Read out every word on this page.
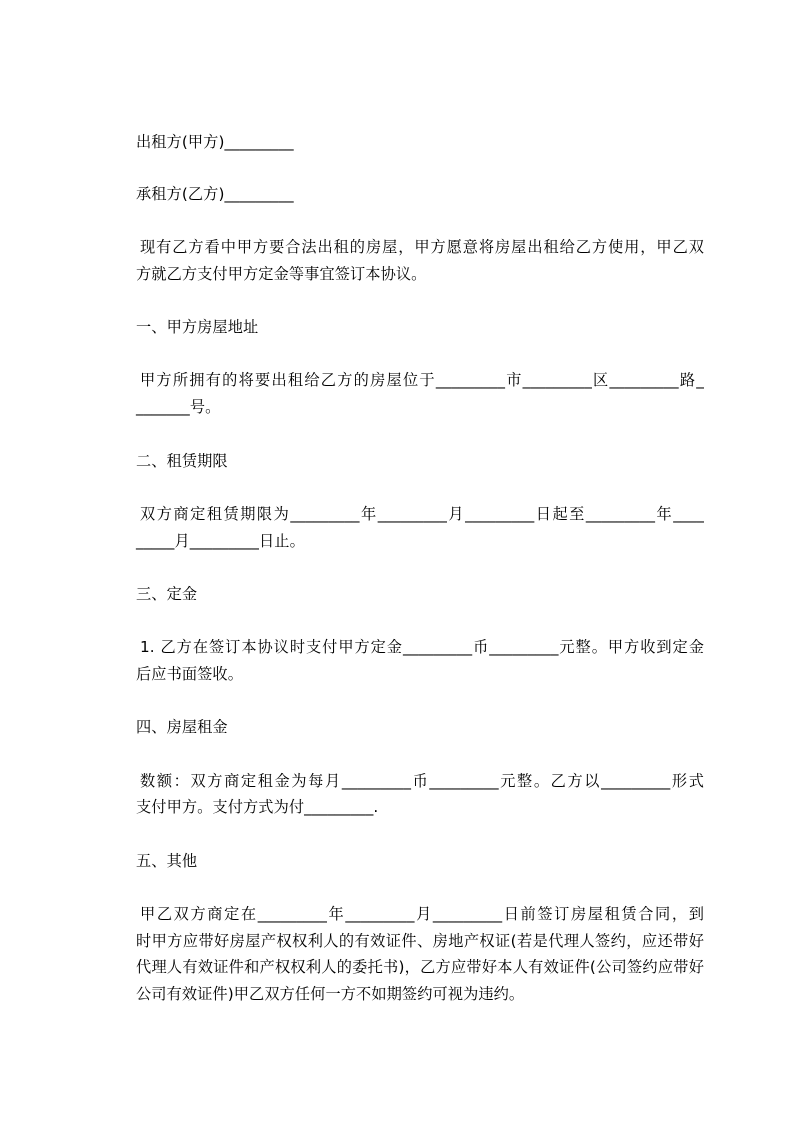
出租方(甲方)_________

承租方(乙方)_________

现有乙方看中甲方要合法出租的房屋，甲方愿意将房屋出租给乙方使用，甲乙双

方就乙方支付甲方定金等事宜签订本协议。

一、甲方房屋地址

甲方所拥有的将要出租给乙方的房屋位于_________市_________区_________路_

_______号。

二、租赁期限

双方商定租赁期限为_________年_________月_________日起至_________年____

_____月_________日止。

三、定金

1. 乙方在签订本协议时支付甲方定金_________币_________元整。甲方收到定金

后应书面签收。

四、房屋租金

数额：双方商定租金为每月_________币_________元整。乙方以_________形式

支付甲方。支付方式为付_________.

五、其他

甲乙双方商定在_________年_________月_________日前签订房屋租赁合同，到

时甲方应带好房屋产权权利人的有效证件、房地产权证(若是代理人签约，应还带好

代理人有效证件和产权权利人的委托书)，乙方应带好本人有效证件(公司签约应带好

公司有效证件)甲乙双方任何一方不如期签约可视为违约。
